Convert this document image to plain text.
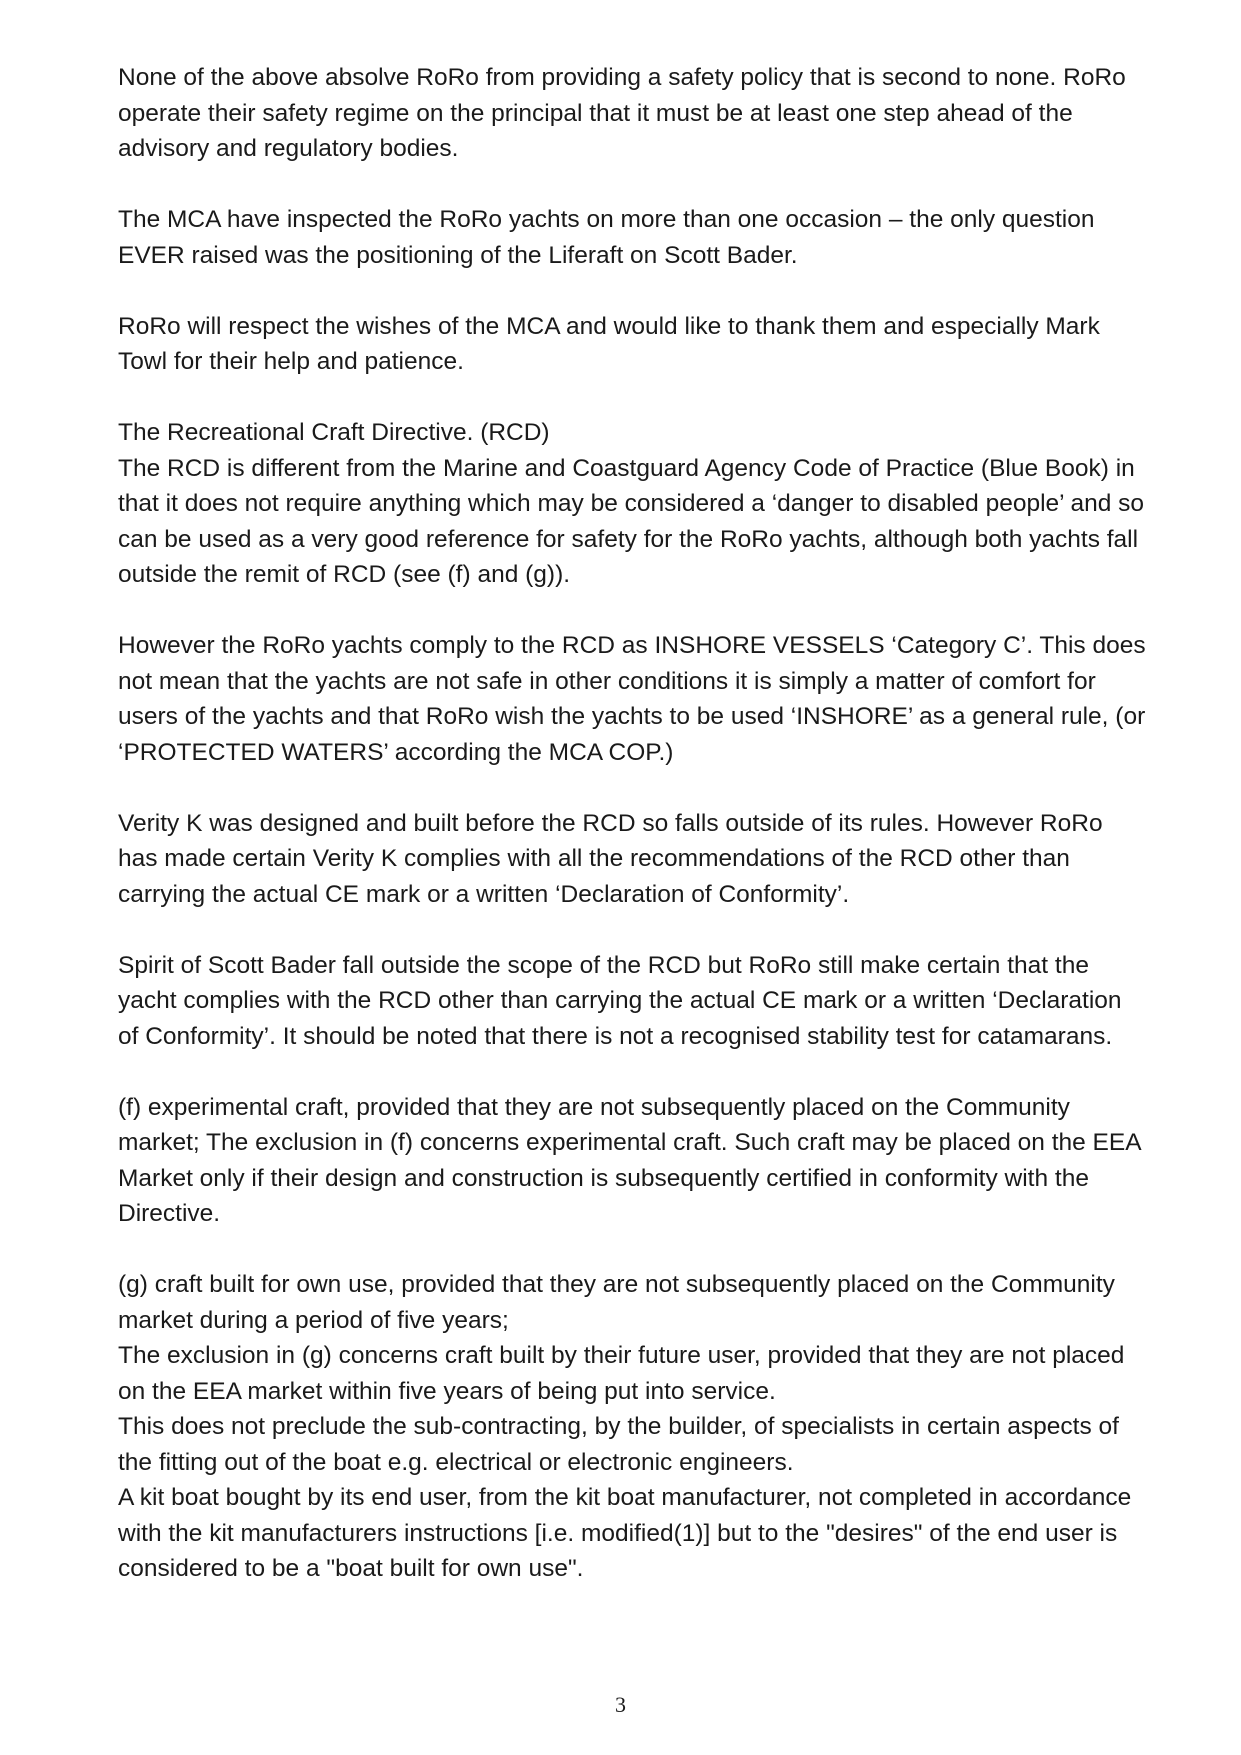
None of the above absolve RoRo from providing a safety policy that is second to none. RoRo operate their safety regime on the principal that it must be at least one step ahead of the advisory and regulatory bodies.

The MCA have inspected the RoRo yachts on more than one occasion – the only question EVER raised was the positioning of the Liferaft on Scott Bader.

RoRo will respect the wishes of the MCA and would like to thank them and especially Mark Towl for their help and patience.

The Recreational Craft Directive. (RCD)

The RCD is different from the Marine and Coastguard Agency Code of Practice (Blue Book) in that it does not require anything which may be considered a ‘danger to disabled people’ and so can be used as a very good reference for safety for the RoRo yachts, although both yachts fall outside the remit of RCD (see (f) and (g)).

However the RoRo yachts comply to the RCD as INSHORE VESSELS ‘Category C’. This does not mean that the yachts are not safe in other conditions it is simply a matter of comfort for users of the yachts and that RoRo wish the yachts to be used ‘INSHORE’ as a general rule, (or ‘PROTECTED WATERS’ according the MCA COP.)

Verity K was designed and built before the RCD so falls outside of its rules. However RoRo has made certain Verity K complies with all the recommendations of the RCD other than carrying the actual CE mark or a written ‘Declaration of Conformity’.

Spirit of Scott Bader fall outside the scope of the RCD but RoRo still make certain that the yacht complies with the RCD other than carrying the actual CE mark or a written ‘Declaration of Conformity’. It should be noted that there is not a recognised stability test for catamarans.

(f) experimental craft, provided that they are not subsequently placed on the Community market; The exclusion in (f) concerns experimental craft. Such craft may be placed on the EEA Market only if their design and construction is subsequently certified in conformity with the Directive.

(g) craft built for own use, provided that they are not subsequently placed on the Community market during a period of five years;

The exclusion in (g) concerns craft built by their future user, provided that they are not placed on the EEA market within five years of being put into service.

This does not preclude the sub-contracting, by the builder, of specialists in certain aspects of the fitting out of the boat e.g. electrical or electronic engineers.

A kit boat bought by its end user, from the kit boat manufacturer, not completed in accordance with the kit manufacturers instructions [i.e. modified(1)] but to the "desires" of the end user is considered to be a "boat built for own use".

3
